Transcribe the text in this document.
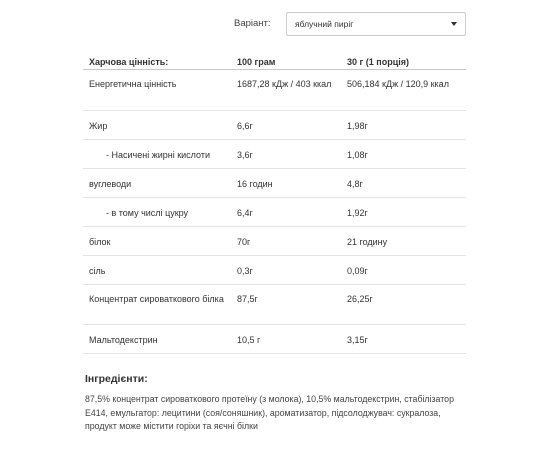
Варіант:	яблучний пиріг
Харчова цінність:	100 грам	30 г (1 порція)
Енергетична цінність	1687,28 кДж / 403 ккал	506,184 кДж / 120,9 ккал
Жир	6,6г	1,98г
- Насичені жирні кислоти	3,6г	1,08г
вуглеводи	16 годин	4,8г
- в тому числі цукру	6,4г	1,92г
білок	70г	21 годину
сіль	0,3г	0,09г
Концентрат сироваткового білка	87,5г	26,25г
Мальтодекстрин	10,5 г	3,15г
Інгредієнти:
87,5% концентрат сироваткового протеїну (з молока), 10,5% мальтодекстрин, стабілізатор E414, емульгатор: лецитини (соя/соняшник), ароматизатор, підсолоджувач: сукралоза, продукт може містити горіхи та яєчні білки
